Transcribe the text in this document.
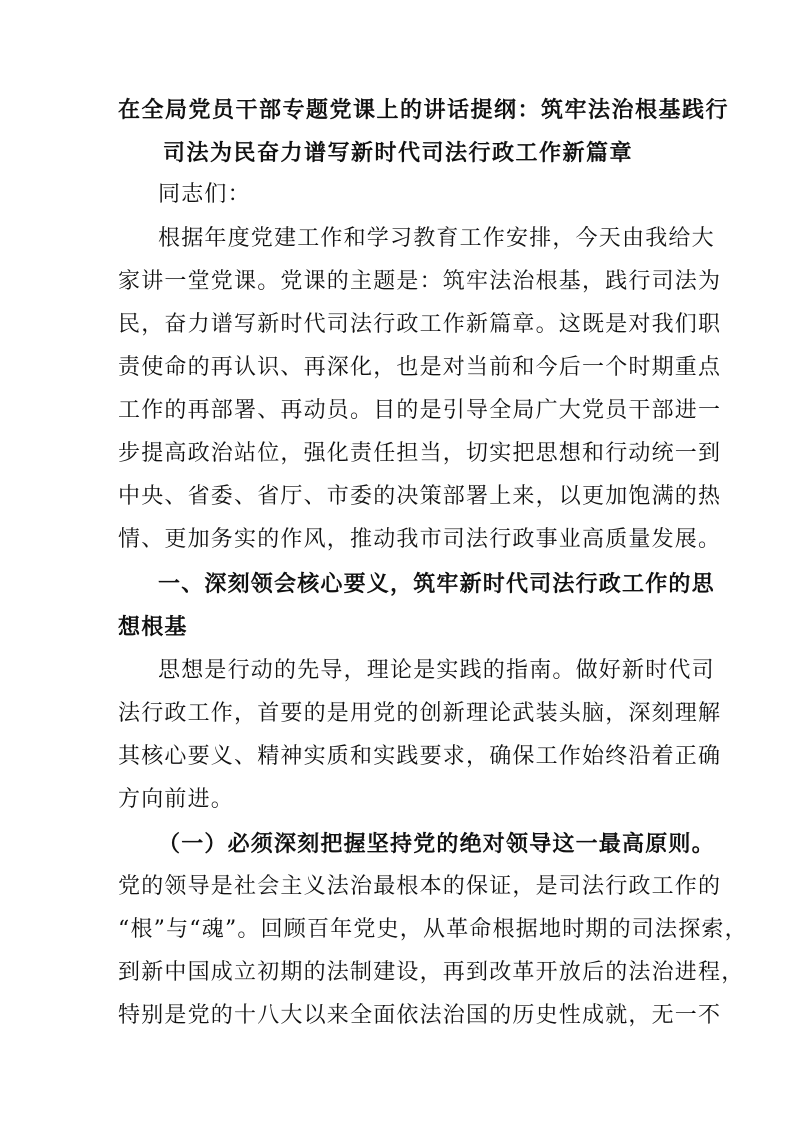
在全局党员干部专题党课上的讲话提纲：筑牢法治根基践行
司法为民奋力谱写新时代司法行政工作新篇章
同志们：
根据年度党建工作和学习教育工作安排，今天由我给大
家讲一堂党课。党课的主题是：筑牢法治根基，践行司法为
民，奋力谱写新时代司法行政工作新篇章。这既是对我们职
责使命的再认识、再深化，也是对当前和今后一个时期重点
工作的再部署、再动员。目的是引导全局广大党员干部进一
步提高政治站位，强化责任担当，切实把思想和行动统一到
中央、省委、省厅、市委的决策部署上来，以更加饱满的热
情、更加务实的作风，推动我市司法行政事业高质量发展。
一、深刻领会核心要义，筑牢新时代司法行政工作的思
想根基
思想是行动的先导，理论是实践的指南。做好新时代司
法行政工作，首要的是用党的创新理论武装头脑，深刻理解
其核心要义、精神实质和实践要求，确保工作始终沿着正确
方向前进。
（一）必须深刻把握坚持党的绝对领导这一最高原则。
党的领导是社会主义法治最根本的保证，是司法行政工作的
“根”与“魂”。回顾百年党史，从革命根据地时期的司法探索，
到新中国成立初期的法制建设，再到改革开放后的法治进程，
特别是党的十八大以来全面依法治国的历史性成就，无一不
